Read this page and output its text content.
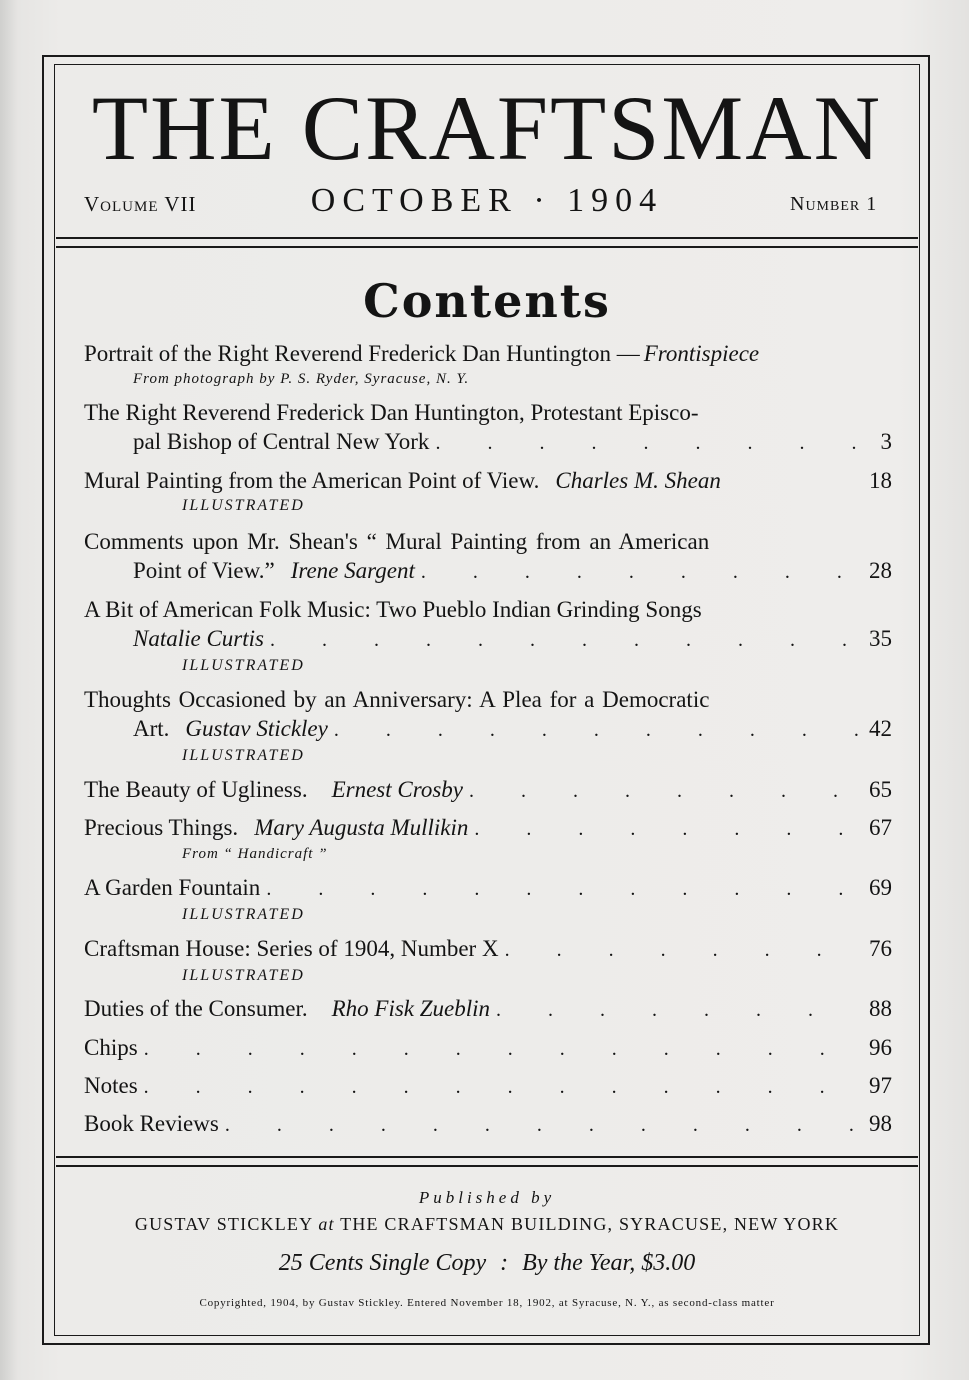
THE CRAFTSMAN
Volume VII	OCTOBER · 1904	Number 1
Contents
Portrait of the Right Reverend Frederick Dan Huntington — Frontispiece
From photograph by P. S. Ryder, Syracuse, N. Y.
The Right Reverend Frederick Dan Huntington, Protestant Episco-
pal Bishop of Central New York . . .	3
Mural Painting from the American Point of View. Charles M. Shean	18
ILLUSTRATED
Comments upon Mr. Shean's “ Mural Painting from an American
Point of View.” Irene Sargent . . .	28
A Bit of American Folk Music: Two Pueblo Indian Grinding Songs
Natalie Curtis . . .	35
ILLUSTRATED
Thoughts Occasioned by an Anniversary: A Plea for a Democratic
Art. Gustav Stickley . . .	42
ILLUSTRATED
The Beauty of Ugliness. Ernest Crosby . . .	65
Precious Things. Mary Augusta Mullikin . . .	67
From “ Handicraft ”
A Garden Fountain . . .	69
ILLUSTRATED
Craftsman House: Series of 1904, Number X . . .	76
ILLUSTRATED
Duties of the Consumer. Rho Fisk Zueblin . . .	88
Chips . . .	96
Notes . . .	97
Book Reviews . . .	98
Published by
GUSTAV STICKLEY at THE CRAFTSMAN BUILDING, SYRACUSE, NEW YORK
25 Cents Single Copy : By the Year, $3.00
Copyrighted, 1904, by Gustav Stickley. Entered November 18, 1902, at Syracuse, N. Y., as second-class matter
